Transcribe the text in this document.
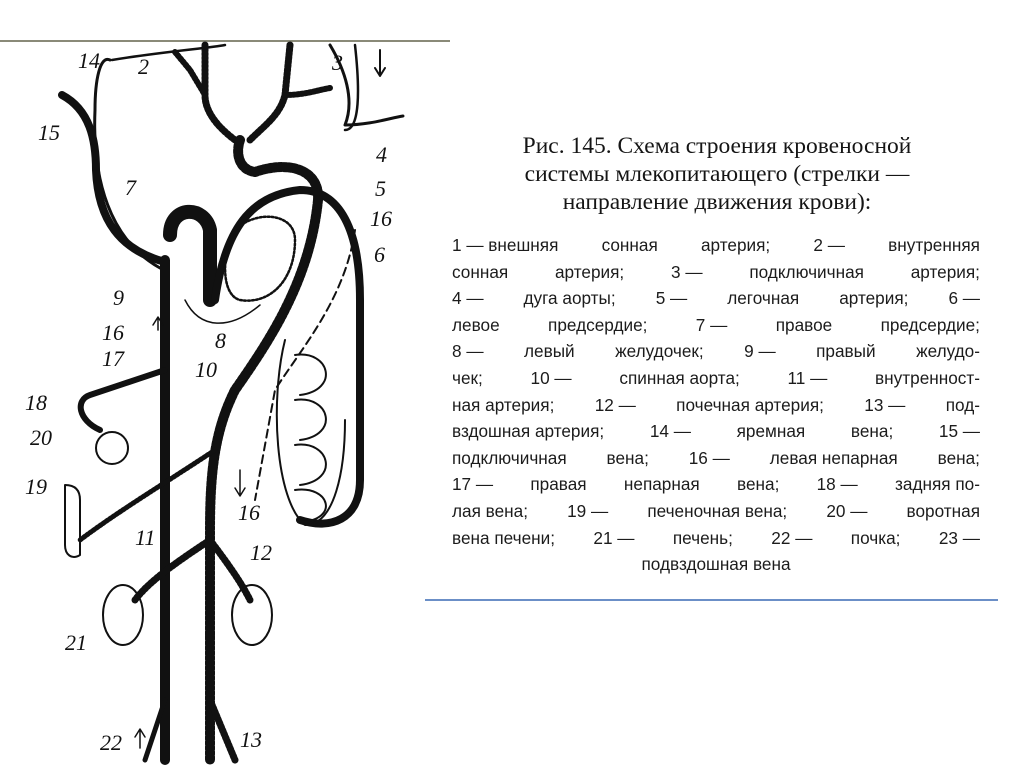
14 2	3
15
4
7	5
16
6
9
16	8
17	10
18
20
19
16
11
12
21
22	13
Рис. 145. Схема строения кровеносной
системы млекопитающего (стрелки —
направление движения крови):
1 — внешняя	сонная	артерия;	2 —	внутренняя
сонная	артерия;	3 —	подключичная	артерия;
4 — дуга аорты; 5 — легочная артерия; 6 —
левое	предсердие;	7 —	правое	предсердие;
8 — левый желудочек; 9 — правый желудо-
чек;	10 —	спинная аорта;	11 —	внутренност-
ная артерия; 12 — почечная артерия; 13 — под-
вздошная артерия;	14 —	яремная	вена;	15 —
подключичная вена; 16 — левая непарная вена;
17 — правая непарная вена; 18 — задняя по-
лая вена; 19 — печеночная вена; 20 — воротная
вена печени; 21 — печень; 22 — почка; 23 —
подвздошная вена
